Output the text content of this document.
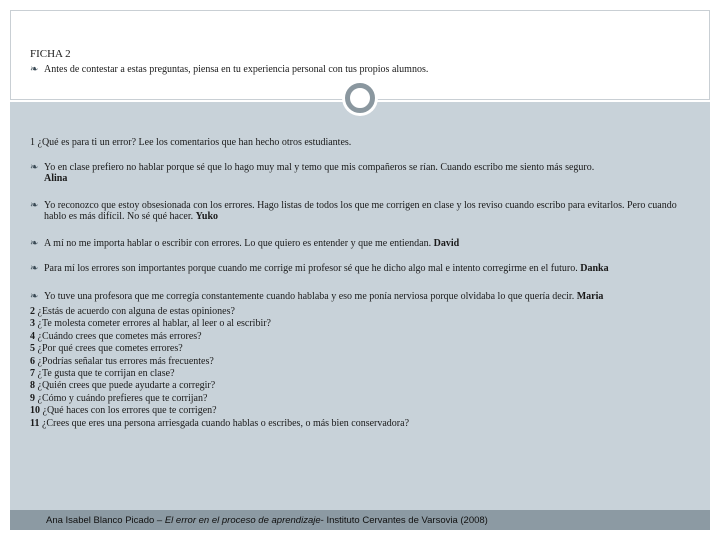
FICHA 2
❧ Antes de contestar a estas preguntas, piensa en tu experiencia personal con tus propios alumnos.
1 ¿Qué es para ti un error? Lee los comentarios que han hecho otros estudiantes.
❧ Yo en clase prefiero no hablar porque sé que lo hago muy mal y temo que mis compañeros se rían. Cuando escribo me siento más seguro.
Alina
❧ Yo reconozco que estoy obsesionada con los errores. Hago listas de todos los que me corrigen en clase y los reviso cuando escribo para evitarlos. Pero cuando hablo es más difícil. No sé qué hacer. Yuko
❧ A mí no me importa hablar o escribir con errores. Lo que quiero es entender y que me entiendan. David
❧ Para mí los errores son importantes porque cuando me corrige mi profesor sé que he dicho algo mal e intento corregirme en el futuro. Danka
❧ Yo tuve una profesora que me corregía constantemente cuando hablaba y eso me ponía nerviosa porque olvidaba lo que quería decir. Maria
2 ¿Estás de acuerdo con alguna de estas opiniones?
3 ¿Te molesta cometer errores al hablar, al leer o al escribir?
4 ¿Cuándo crees que cometes más errores?
5 ¿Por qué crees que cometes errores?
6 ¿Podrías señalar tus errores más frecuentes?
7 ¿Te gusta que te corrijan en clase?
8 ¿Quién crees que puede ayudarte a corregir?
9 ¿Cómo y cuándo prefieres que te corrijan?
10 ¿Qué haces con los errores que te corrigen?
11 ¿Crees que eres una persona arriesgada cuando hablas o escribes, o más bien conservadora?
Ana Isabel Blanco Picado – El error en el proceso de aprendizaje- Instituto Cervantes de Varsovia (2008)
